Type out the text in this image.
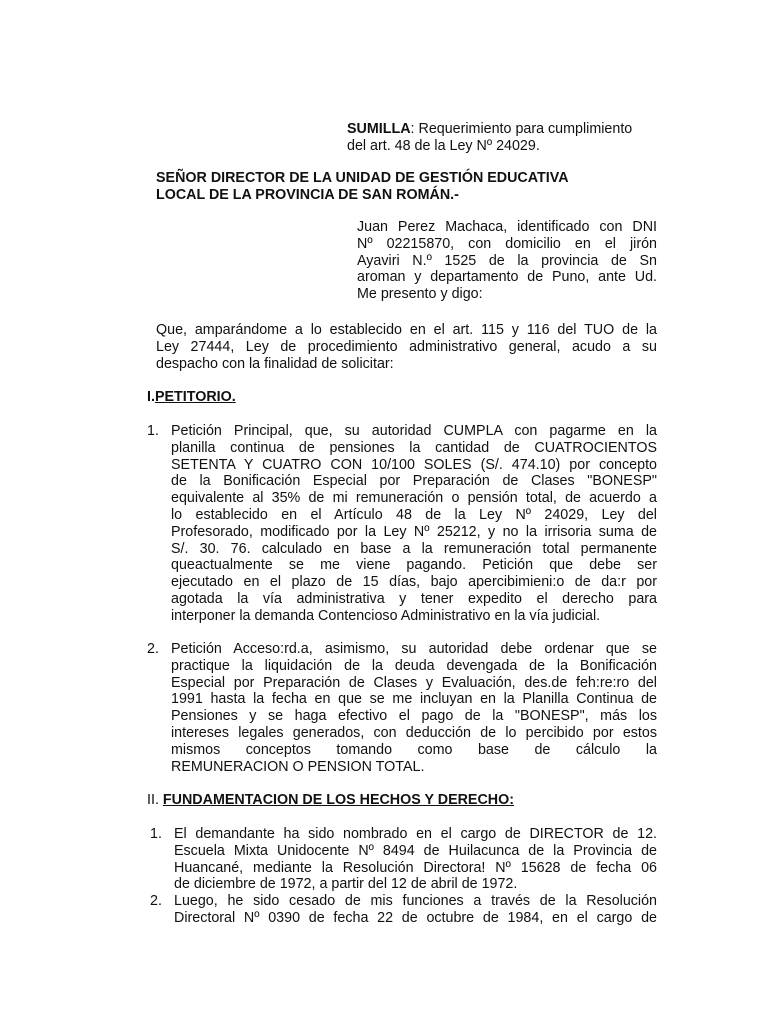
SUMILLA: Requerimiento para cumplimiento
del art. 48 de la Ley Nº 24029.
SEÑOR DIRECTOR DE LA UNIDAD DE GESTIÓN EDUCATIVA
LOCAL DE LA PROVINCIA DE SAN ROMÁN.-
Juan Perez Machaca, identificado con DNI
Nº 02215870, con domicilio en el jirón
Ayaviri N.º 1525 de la provincia de Sn
aroman y departamento de Puno, ante Ud.
Me presento y digo:
Que, amparándome a lo establecido en el art. 115 y 116 del TUO de la
Ley 27444, Ley de procedimiento administrativo general, acudo a su
despacho con la finalidad de solicitar:
I.PETITORIO.
1. Petición Principal, que, su autoridad CUMPLA con pagarme en la
planilla continua de pensiones la cantidad de CUATROCIENTOS
SETENTA Y CUATRO CON 10/100 SOLES (S/. 474.10) por concepto
de la Bonificación Especial por Preparación de Clases "BONESP"
equivalente al 35% de mi remuneración o pensión total, de acuerdo a
lo establecido en el Artículo 48 de la Ley Nº 24029, Ley del
Profesorado, modificado por la Ley Nº 25212, y no la irrisoria suma de
S/. 30. 76. calculado en base a la remuneración total permanente
queactualmente se me viene pagando. Petición que debe ser
ejecutado en el plazo de 15 días, bajo apercibimieni:o de da:r por
agotada la vía administrativa y tener expedito el derecho para
interponer la demanda Contencioso Administrativo en la vía judicial.
2. Petición Acceso:rd.a, asimismo, su autoridad debe ordenar que se
practique la liquidación de la deuda devengada de la Bonificación
Especial por Preparación de Clases y Evaluación, des.de feh:re:ro del
1991 hasta la fecha en que se me incluyan en la Planilla Continua de
Pensiones y se haga efectivo el pago de la "BONESP", más los
intereses legales generados, con deducción de lo percibido por estos
mismos conceptos tomando como base de cálculo la
REMUNERACION O PENSION TOTAL.
II. FUNDAMENTACION DE LOS HECHOS Y DERECHO:
1. El demandante ha sido nombrado en el cargo de DIRECTOR de 12.
Escuela Mixta Unidocente Nº 8494 de Huilacunca de la Provincia de
Huancané, mediante la Resolución Directora! Nº 15628 de fecha 06
de diciembre de 1972, a partir del 12 de abril de 1972.
2. Luego, he sido cesado de mis funciones a través de la Resolución
Directoral Nº 0390 de fecha 22 de octubre de 1984, en el cargo de
